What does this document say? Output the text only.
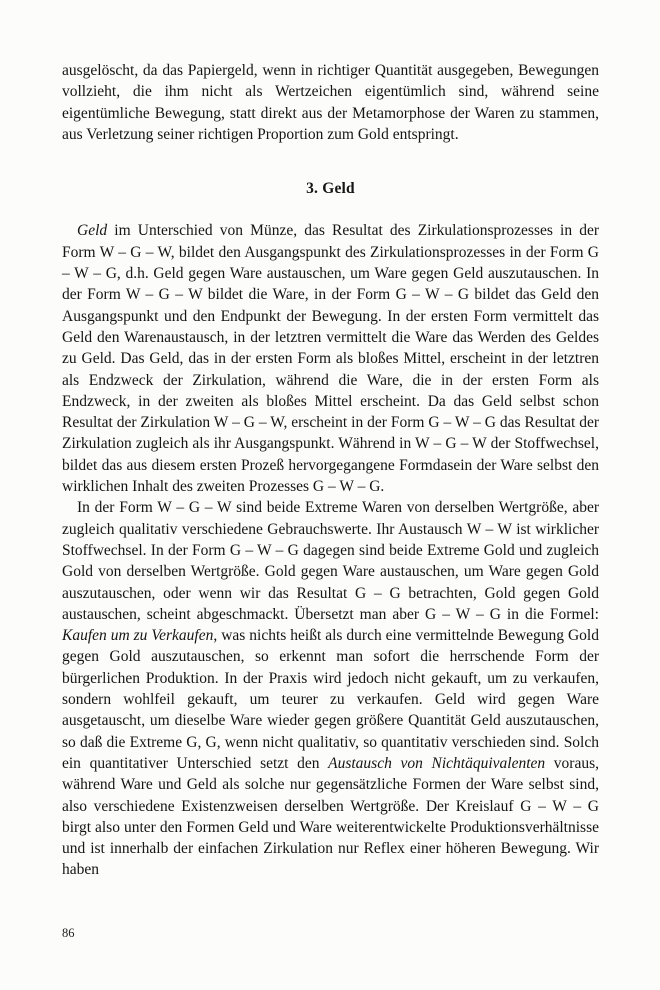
ausgelöscht, da das Papiergeld, wenn in richtiger Quantität ausgegeben, Bewegungen vollzieht, die ihm nicht als Wertzeichen eigentümlich sind, während seine eigentümliche Bewegung, statt direkt aus der Metamorphose der Waren zu stammen, aus Verletzung seiner richtigen Proportion zum Gold entspringt.

3. Geld

Geld im Unterschied von Münze, das Resultat des Zirkulationsprozesses in der Form W – G – W, bildet den Ausgangspunkt des Zirkulationsprozesses in der Form G – W – G, d.h. Geld gegen Ware austauschen, um Ware gegen Geld auszutauschen. In der Form W – G – W bildet die Ware, in der Form G – W – G bildet das Geld den Ausgangspunkt und den Endpunkt der Bewegung. In der ersten Form vermittelt das Geld den Warenaustausch, in der letztren vermittelt die Ware das Werden des Geldes zu Geld. Das Geld, das in der ersten Form als bloßes Mittel, erscheint in der letztren als Endzweck der Zirkulation, während die Ware, die in der ersten Form als Endzweck, in der zweiten als bloßes Mittel erscheint. Da das Geld selbst schon Resultat der Zirkulation W – G – W, erscheint in der Form G – W – G das Resultat der Zirkulation zugleich als ihr Ausgangspunkt. Während in W – G – W der Stoffwechsel, bildet das aus diesem ersten Prozeß hervorgegangene Formdasein der Ware selbst den wirklichen Inhalt des zweiten Prozesses G – W – G.

In der Form W – G – W sind beide Extreme Waren von derselben Wertgröße, aber zugleich qualitativ verschiedene Gebrauchswerte. Ihr Austausch W – W ist wirklicher Stoffwechsel. In der Form G – W – G dagegen sind beide Extreme Gold und zugleich Gold von derselben Wertgröße. Gold gegen Ware austauschen, um Ware gegen Gold auszutauschen, oder wenn wir das Resultat G – G betrachten, Gold gegen Gold austauschen, scheint abgeschmackt. Übersetzt man aber G – W – G in die Formel: Kaufen um zu Verkaufen, was nichts heißt als durch eine vermittelnde Bewegung Gold gegen Gold auszutauschen, so erkennt man sofort die herrschende Form der bürgerlichen Produktion. In der Praxis wird jedoch nicht gekauft, um zu verkaufen, sondern wohlfeil gekauft, um teurer zu verkaufen. Geld wird gegen Ware ausgetauscht, um dieselbe Ware wieder gegen größere Quantität Geld auszutauschen, so daß die Extreme G, G, wenn nicht qualitativ, so quantitativ verschieden sind. Solch ein quantitativer Unterschied setzt den Austausch von Nichtäquivalenten voraus, während Ware und Geld als solche nur gegensätzliche Formen der Ware selbst sind, also verschiedene Existenzweisen derselben Wertgröße. Der Kreislauf G – W – G birgt also unter den Formen Geld und Ware weiterentwickelte Produktionsverhältnisse und ist innerhalb der einfachen Zirkulation nur Reflex einer höheren Bewegung. Wir haben

86
